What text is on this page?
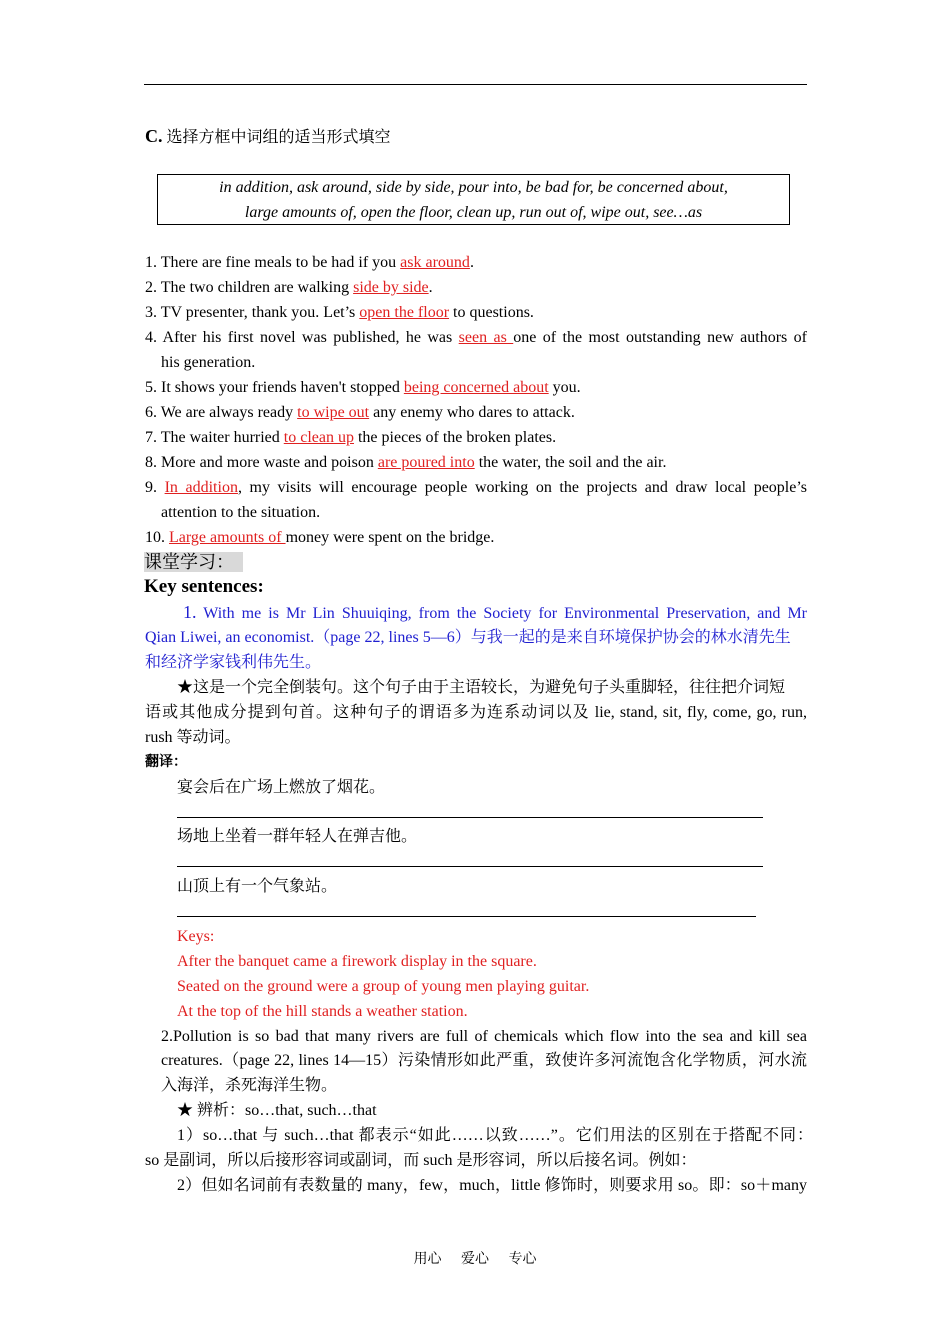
C. 选择方框中词组的适当形式填空
in addition, ask around, side by side, pour into, be bad for, be concerned about,
large amounts of, open the floor, clean up, run out of, wipe out, see…as
1. There are fine meals to be had if you ask around.
2. The two children are walking side by side.
3. TV presenter, thank you. Let’s open the floor to questions.
4. After his first novel was published, he was seen as one of the most outstanding new authors of
his generation.
5. It shows your friends haven't stopped being concerned about you.
6. We are always ready to wipe out any enemy who dares to attack.
7. The waiter hurried to clean up the pieces of the broken plates.
8. More and more waste and poison are poured into the water, the soil and the air.
9. In addition, my visits will encourage people working on the projects and draw local people’s
attention to the situation.
10. Large amounts of money were spent on the bridge.
课堂学习：
Key sentences:
1. With me is Mr Lin Shuuiqing, from the Society for Environmental Preservation, and Mr
Qian Liwei, an economist.（page 22, lines 5—6）与我一起的是来自环境保护协会的林水清先生
和经济学家钱利伟先生。
★这是一个完全倒装句。这个句子由于主语较长，为避免句子头重脚轻，往往把介词短
语或其他成分提到句首。这种句子的谓语多为连系动词以及 lie, stand, sit, fly, come, go, run,
rush 等动词。
翻译：
宴会后在广场上燃放了烟花。
场地上坐着一群年轻人在弹吉他。
山顶上有一个气象站。
Keys:
After the banquet came a firework display in the square.
Seated on the ground were a group of young men playing guitar.
At the top of the hill stands a weather station.
2.Pollution is so bad that many rivers are full of chemicals which flow into the sea and kill sea
creatures.（page 22, lines 14—15）污染情形如此严重，致使许多河流饱含化学物质，河水流
入海洋，杀死海洋生物。
★ 辨析：so…that, such…that
1）so…that 与 such…that 都表示“如此……以致……”。它们用法的区别在于搭配不同：
so 是副词，所以后接形容词或副词，而 such 是形容词，所以后接名词。例如：
2）但如名词前有表数量的 many，few，much，little 修饰时，则要求用 so。即：so＋many
用心 爱心 专心
